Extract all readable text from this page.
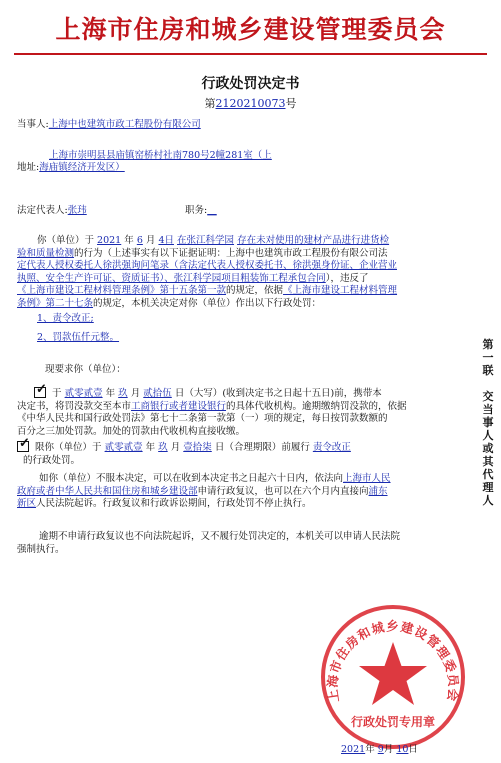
上海市住房和城乡建设管理委员会
行政处罚决定书
第2120210073号
当事人:上海中也建筑市政工程股份有限公司
上海市崇明县县庙镇窑桥村社南780号2幢281室（上
地址:海庙镇经济开发区）
法定代表人:张玮	职务:__
你（单位）于 2021 年 6 月 4日 在张江科学园 存在未对使用的建材产品进行进货检
验和质量检测的行为（上述事实有以下证据证明：上海中也建筑市政工程股份有限公司法
定代表人授权委托人徐洪强询问笔录（含法定代表人授权委托书、徐洪强身份证、企业营业
执照、安全生产许可证、资质证书）、张江科学园项目粗装饰工程承包合同），违反了
《上海市建设工程材料管理条例》第十五条第一款的规定，依据《上海市建设工程材料管理
条例》第二十七条的规定，本机关决定对你（单位）作出以下行政处罚：
1、责令改正;
2、罚款伍仟元整。
现要求你（单位）：
✓ 于 贰零贰壹 年 玖 月 贰拾伍 日（大写）(收到决定书之日起十五日)前，携带本
决定书，将罚没款交至本市工商银行或者建设银行的具体代收机构。逾期缴纳罚没款的，依据
《中华人民共和国行政处罚法》第七十二条第一款第（一）项的规定，每日按罚款数额的
百分之三加处罚款。加处的罚款由代收机构直接收缴。
✓ 限你（单位）于 贰零贰壹 年 玖 月 壹拾柒 日（合理期限）前履行 责令改正
的行政处罚。
如你（单位）不服本决定，可以在收到本决定书之日起六十日内，依法向上海市人民
政府或者中华人民共和国住房和城乡建设部申请行政复议，也可以在六个月内直接向浦东
新区人民法院起诉。行政复议和行政诉讼期间，行政处罚不停止执行。
逾期不申请行政复议也不向法院起诉，又不履行处罚决定的，本机关可以申请人民法院
强制执行。
第
一
联

交
当
事
人
或
其
代
理
人
上海市住房和城乡建设管理委员会
行政处罚专用章
2021年 9月 10日
